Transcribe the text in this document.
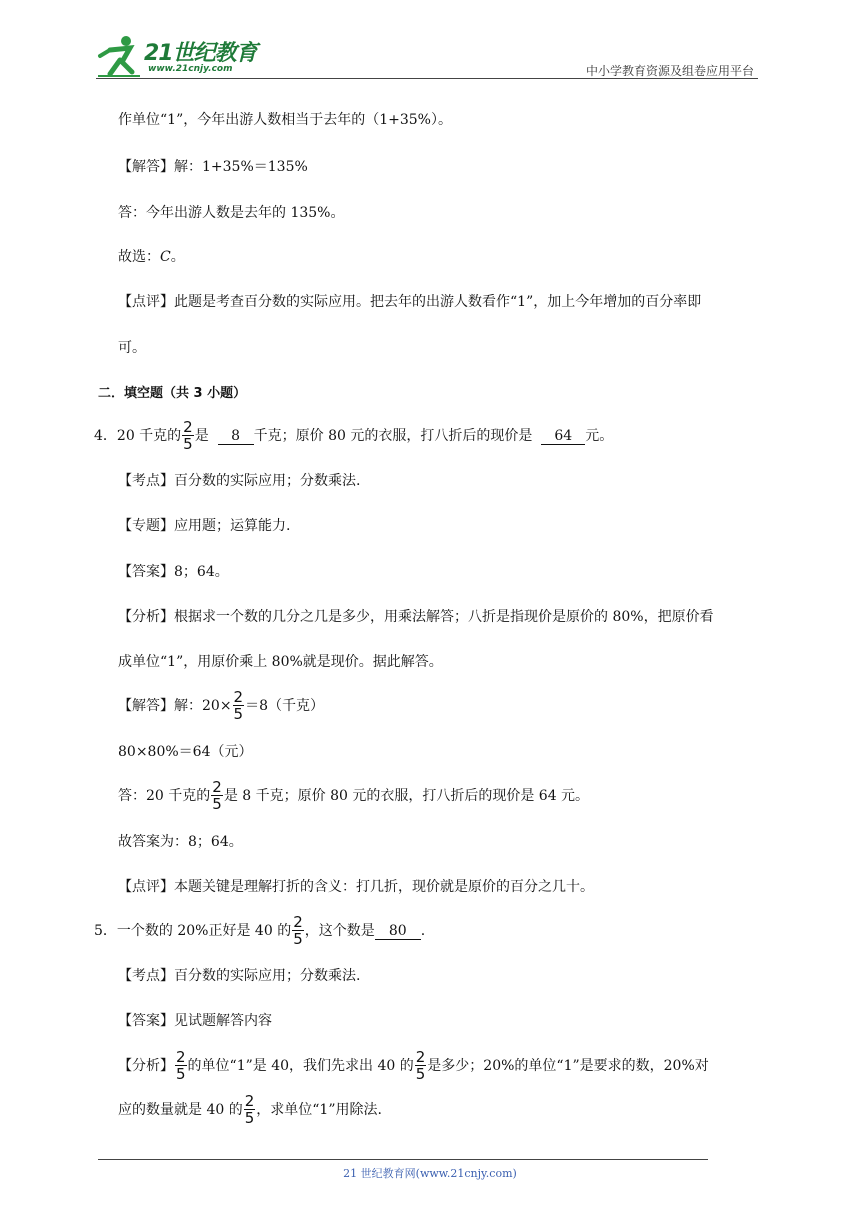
21世纪教育
www.21cnjy.com	中小学教育资源及组卷应用平台
作单位“1”，今年出游人数相当于去年的（1+35%）。
【解答】解：1+35%＝135%
答：今年出游人数是去年的 135%。
故选：C。
【点评】此题是考查百分数的实际应用。把去年的出游人数看作“1”，加上今年增加的百分率即
可。
二．填空题（共 3 小题）
4．20 千克的 $\frac{2}{5}$ 是 8 千克；原价 80 元的衣服，打八折后的现价是 64 元。
【考点】百分数的实际应用；分数乘法.
【专题】应用题；运算能力.
【答案】8；64。
【分析】根据求一个数的几分之几是多少，用乘法解答；八折是指现价是原价的 80%，把原价看
成单位“1”，用原价乘上 80%就是现价。据此解答。
【解答】解：$20\times \frac{2}{5} =8$（千克）
80×80%＝64（元）
答：20 千克的 $\frac{2}{5}$ 是 8 千克；原价 80 元的衣服，打八折后的现价是 64 元。
故答案为：8；64。
【点评】本题关键是理解打折的含义：打几折，现价就是原价的百分之几十。
5．一个数的 20%正好是 40 的 $\frac{2}{5}$ ，这个数是 80 .
【考点】百分数的实际应用；分数乘法.
【答案】见试题解答内容
【分析】 $\frac{2}{5}$ 的单位“1”是 40，我们先求出 40 的 $\frac{2}{5}$ 是多少；20%的单位“1”是要求的数，20%对
应的数量就是 40 的 $\frac{2}{5}$ ，求单位“1”用除法.
21 世纪教育网(www.21cnjy.com)
